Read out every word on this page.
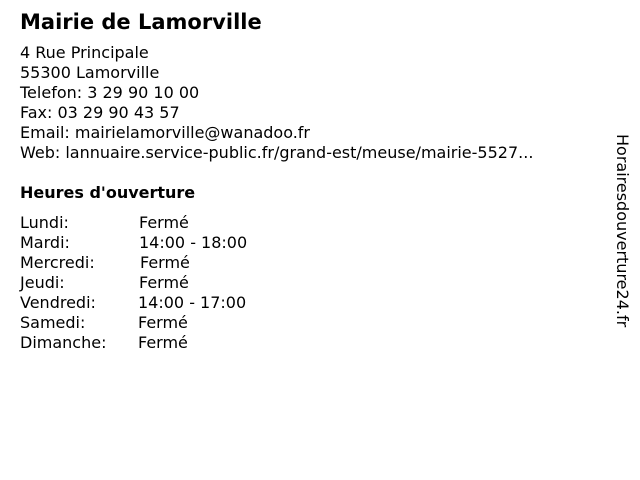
Mairie de Lamorville
4 Rue Principale
55300 Lamorville
Telefon: 3 29 90 10 00
Fax: 03 29 90 43 57
Email: mairielamorville@wanadoo.fr
Web: lannuaire.service-public.fr/grand-est/meuse/mairie-5527...
Heures d'ouverture
Lundi:	Fermé
Mardi:	14:00 - 18:00
Mercredi:	Fermé
Jeudi:	Fermé
Vendredi:	14:00 - 17:00
Samedi:	Fermé
Dimanche: Fermé
Horairesdouverture24.fr
